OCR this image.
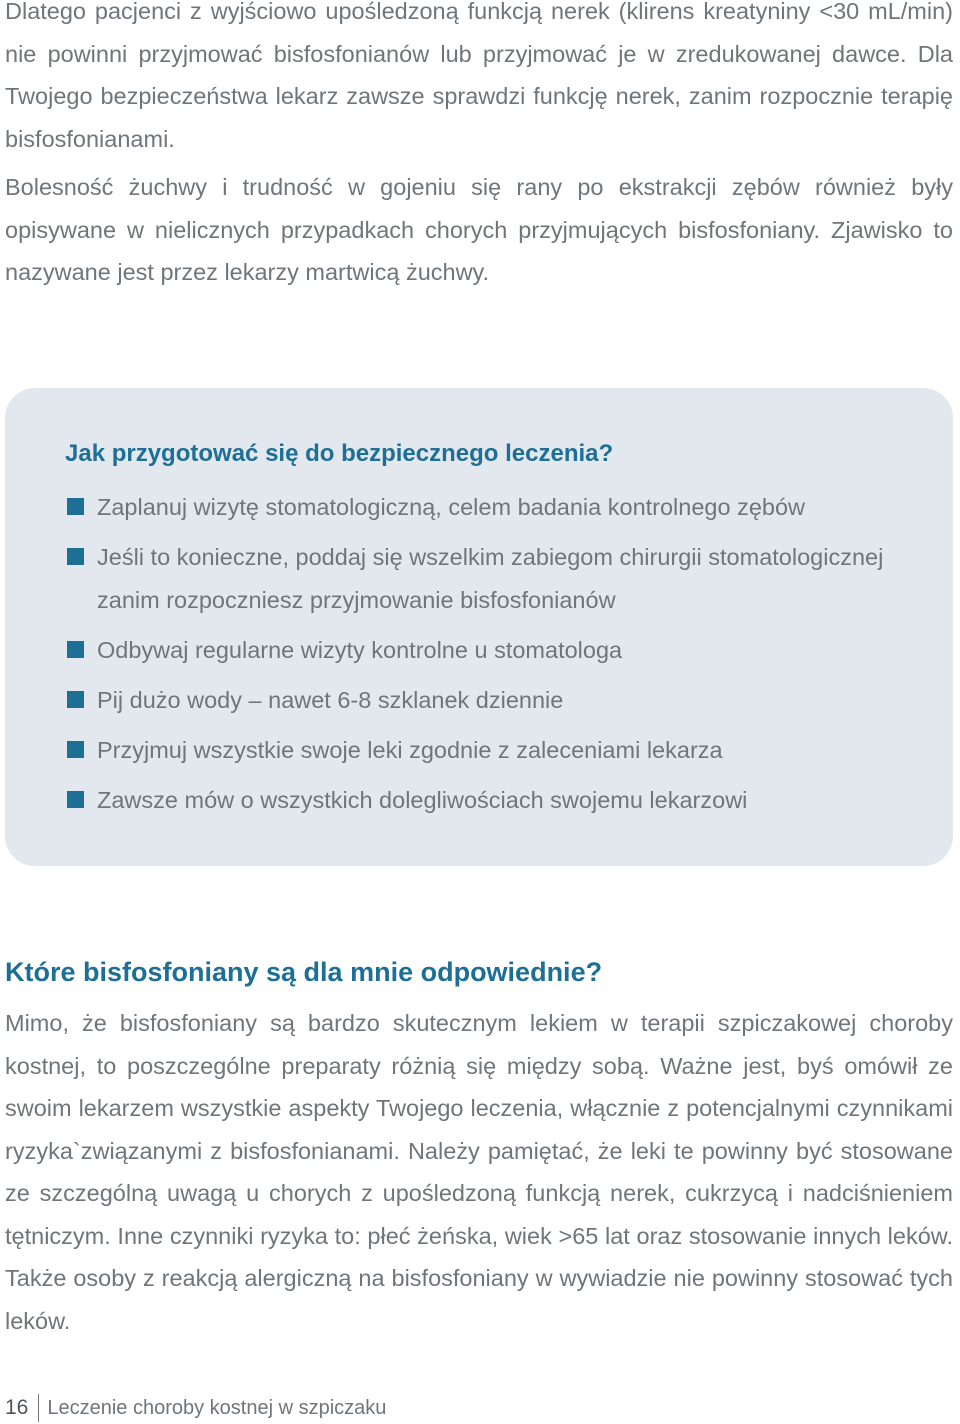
Dlatego pacjenci z wyjściowo upośledzoną funkcją nerek (klirens kreatyniny <30 mL/min) nie powinni przyjmować bisfosfonianów lub przyjmować je w zredukowanej dawce. Dla Twojego bezpieczeństwa lekarz zawsze sprawdzi funkcję nerek, zanim rozpocznie terapię bisfosfonianami.

Bolesność żuchwy i trudność w gojeniu się rany po ekstrakcji zębów również były opisywane w nielicznych przypadkach chorych przyjmujących bisfosfoniany. Zjawisko to nazywane jest przez lekarzy martwicą żuchwy.

Jak przygotować się do bezpiecznego leczenia?
Zaplanuj wizytę stomatologiczną, celem badania kontrolnego zębów
Jeśli to konieczne, poddaj się wszelkim zabiegom chirurgii stomatologicznej zanim rozpoczniesz przyjmowanie bisfosfonianów
Odbywaj regularne wizyty kontrolne u stomatologa
Pij dużo wody – nawet 6-8 szklanek dziennie
Przyjmuj wszystkie swoje leki zgodnie z zaleceniami lekarza
Zawsze mów o wszystkich dolegliwościach swojemu lekarzowi
Które bisfosfoniany są dla mnie odpowiednie?

Mimo, że bisfosfoniany są bardzo skutecznym lekiem w terapii szpiczakowej choroby kostnej, to poszczególne preparaty różnią się między sobą. Ważne jest, byś omówił ze swoim lekarzem wszystkie aspekty Twojego leczenia, włącznie z potencjalnymi czynnikami ryzyka`związanymi z bisfosfonianami. Należy pamiętać, że leki te powinny być stosowane ze szczególną uwagą u chorych z upośledzoną funkcją nerek, cukrzycą i nadciśnieniem tętniczym. Inne czynniki ryzyka to: płeć żeńska, wiek >65 lat oraz stosowanie innych leków. Także osoby z reakcją alergiczną na bisfosfoniany w wywiadzie nie powinny stosować tych leków.

16 Leczenie choroby kostnej w szpiczaku
